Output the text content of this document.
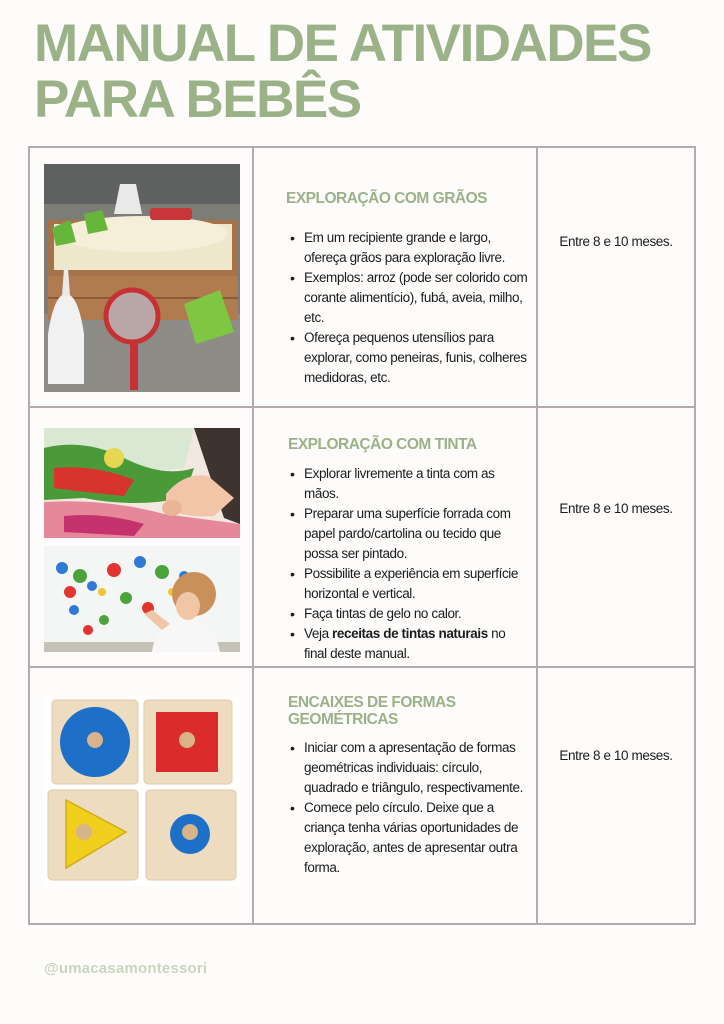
MANUAL DE ATIVIDADES
PARA BEBÊS
EXPLORAÇÃO COM GRÃOS
• Em um recipiente grande e largo, ofereça grãos para exploração livre.
• Exemplos: arroz (pode ser colorido com corante alimentício), fubá, aveia, milho, etc.
• Ofereça pequenos utensílios para explorar, como peneiras, funis, colheres medidoras, etc.
Entre 8 e 10 meses.
EXPLORAÇÃO COM TINTA
• Explorar livremente a tinta com as mãos.
• Preparar uma superfície forrada com papel pardo/cartolina ou tecido que possa ser pintado.
• Possibilite a experiência em superfície horizontal e vertical.
• Faça tintas de gelo no calor.
• Veja receitas de tintas naturais no final deste manual.
Entre 8 e 10 meses.
ENCAIXES DE FORMAS GEOMÉTRICAS
• Iniciar com a apresentação de formas geométricas individuais: círculo, quadrado e triângulo, respectivamente.
• Comece pelo círculo. Deixe que a criança tenha várias oportunidades de exploração, antes de apresentar outra forma.
Entre 8 e 10 meses.
@umacasamontessori
